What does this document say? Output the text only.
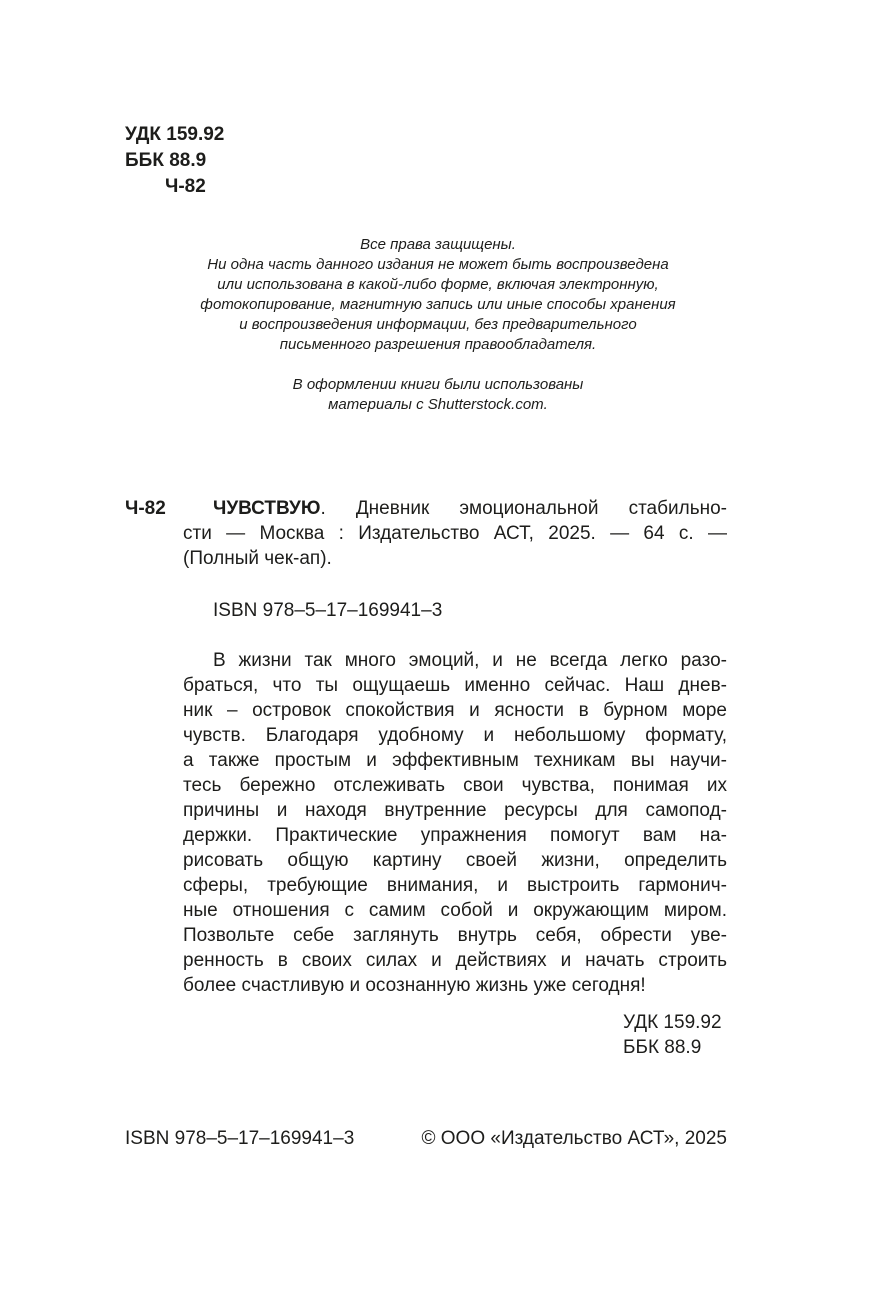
УДК 159.92
ББК 88.9
Ч-82
Все права защищены.
Ни одна часть данного издания не может быть воспроизведена
или использована в какой-либо форме, включая электронную,
фотокопирование, магнитную запись или иные способы хранения
и воспроизведения информации, без предварительного
письменного разрешения правообладателя.
В оформлении книги были использованы
материалы с Shutterstock.com.
Ч-82	ЧУВСТВУЮ. Дневник эмоциональной стабильно-
сти — Москва : Издательство АСТ, 2025. — 64 с. —
(Полный чек-ап).
ISBN 978–5–17–169941–3
В жизни так много эмоций, и не всегда легко разо-
браться, что ты ощущаешь именно сейчас. Наш днев-
ник – островок спокойствия и ясности в бурном море
чувств. Благодаря удобному и небольшому формату,
а также простым и эффективным техникам вы научи-
тесь бережно отслеживать свои чувства, понимая их
причины и находя внутренние ресурсы для самопод-
держки. Практические упражнения помогут вам на-
рисовать общую картину своей жизни, определить
сферы, требующие внимания, и выстроить гармонич-
ные отношения с самим собой и окружающим миром.
Позвольте себе заглянуть внутрь себя, обрести уве-
ренность в своих силах и действиях и начать строить
более счастливую и осознанную жизнь уже сегодня!
УДК 159.92
ББК 88.9
ISBN 978–5–17–169941–3	© ООО «Издательство АСТ», 2025
